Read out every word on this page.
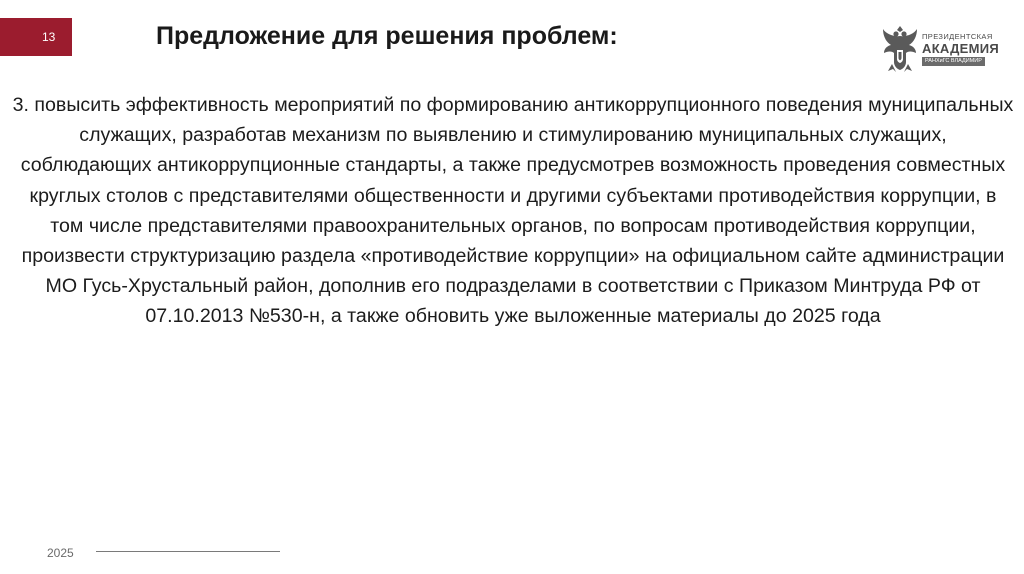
13	Предложение для решения проблем:	ПРЕЗИДЕНТСКАЯ
АКАДЕМИЯ
РАНХиГС ВЛАДИМИР

3. повысить эффективность мероприятий по формированию антикоррупционного поведения муниципальных служащих, разработав механизм по выявлению и стимулированию муниципальных служащих, соблюдающих антикоррупционные стандарты, а также предусмотрев возможность проведения совместных круглых столов с представителями общественности и другими субъектами противодействия коррупции, в том числе представителями правоохранительных органов, по вопросам противодействия коррупции, произвести структуризацию раздела «противодействие коррупции» на официальном сайте администрации МО Гусь-Хрустальный район, дополнив его подразделами в соответствии с Приказом Минтруда РФ от 07.10.2013 №530-н, а также обновить уже выложенные материалы до 2025 года

2025
